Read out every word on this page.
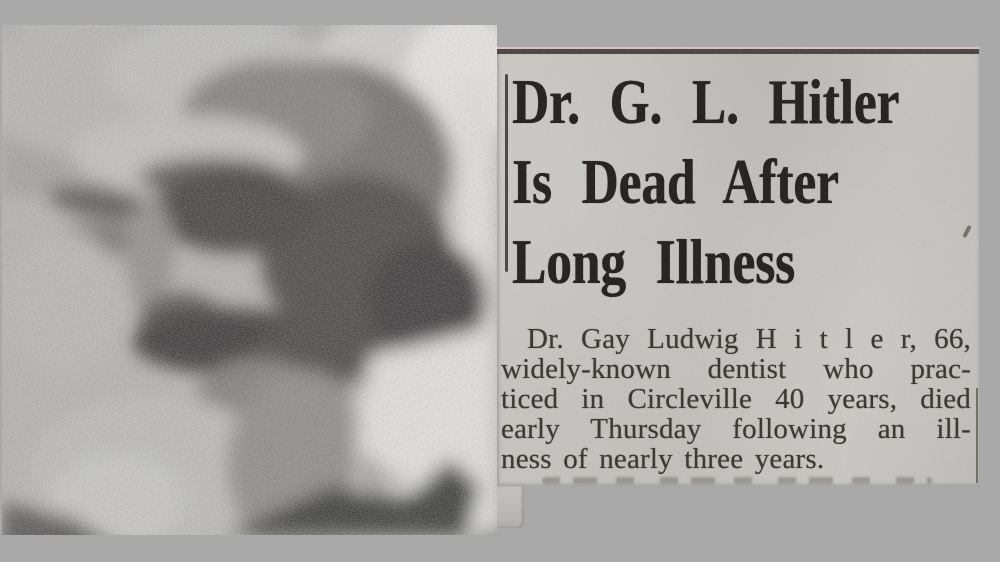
Dr. G. L. Hitler
Is Dead After
Long Illness
Dr. Gay Ludwig H i t l e r, 66,
widely-known dentist who prac-
ticed in Circleville 40 years, died
early Thursday following an ill-
ness of nearly three years.
